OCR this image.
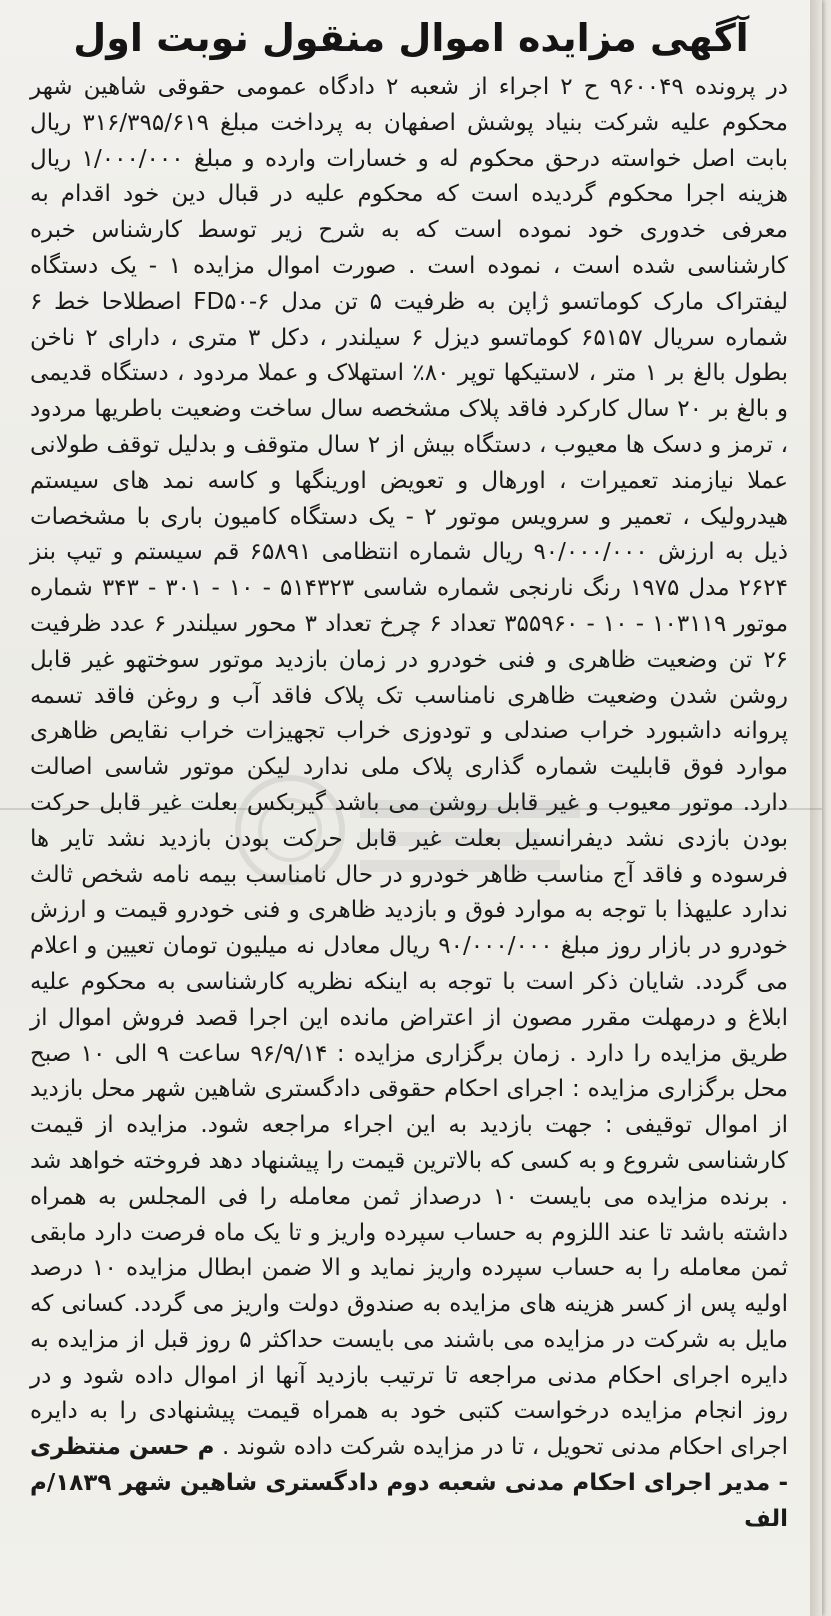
آگهی مزایده اموال منقول نوبت اول

در پرونده ۹۶۰۰۴۹ ح ۲ اجراء از شعبه ۲ دادگاه عمومی حقوقی شاهین شهر محکوم علیه شرکت بنیاد پوشش اصفهان به پرداخت مبلغ ۳۱۶/۳۹۵/۶۱۹ ریال بابت اصل خواسته درحق محکوم له و خسارات وارده و مبلغ ۱/۰۰۰/۰۰۰ ریال هزینه اجرا محکوم گردیده است که محکوم علیه در قبال دین خود اقدام به معرفی خدوری خود نموده است که به شرح زیر توسط کارشناس خبره کارشناسی شده است ، نموده است . صورت اموال مزایده ۱ - یک دستگاه لیفتراک مارک کوماتسو ژاپن به ظرفیت ۵ تن مدل FD۵۰-۶ اصطلاحا خط ۶ شماره سریال ۶۵۱۵۷ کوماتسو دیزل ۶ سیلندر ، دکل ۳ متری ، دارای ۲ ناخن بطول بالغ بر ۱ متر ، لاستیکها توپر ۸۰٪ استهلاک و عملا مردود ، دستگاه قدیمی و بالغ بر ۲۰ سال کارکرد فاقد پلاک مشخصه سال ساخت وضعیت باطریها مردود ، ترمز و دسک ها معیوب ، دستگاه بیش از ۲ سال متوقف و بدلیل توقف طولانی عملا نیازمند تعمیرات ، اورهال و تعویض اورینگها و کاسه نمد های سیستم هیدرولیک ، تعمیر و سرویس موتور ۲ - یک دستگاه کامیون باری با مشخصات ذیل به ارزش ۹۰/۰۰۰/۰۰۰ ریال شماره انتظامی ۶۵۸۹۱ قم سیستم و تیپ بنز ۲۶۲۴ مدل ۱۹۷۵ رنگ نارنجی شماره شاسی ۵۱۴۳۲۳ - ۱۰ - ۳۰۱ - ۳۴۳ شماره موتور ۱۰۳۱۱۹ - ۱۰ - ۳۵۵۹۶۰ تعداد ۶ چرخ تعداد ۳ محور سیلندر ۶ عدد ظرفیت ۲۶ تن وضعیت ظاهری و فنی خودرو در زمان بازدید موتور سوختهو غیر قابل روشن شدن وضعیت ظاهری نامناسب تک پلاک فاقد آب و روغن فاقد تسمه پروانه داشبورد خراب صندلی و تودوزی خراب تجهیزات خراب نقایص ظاهری موارد فوق قابلیت شماره گذاری پلاک ملی ندارد لیکن موتور شاسی اصالت دارد. موتور معیوب و غیر قابل روشن می باشد گیربکس بعلت غیر قابل حرکت بودن بازدی نشد دیفرانسیل بعلت غیر قابل حرکت بودن بازدید نشد تایر ها فرسوده و فاقد آج مناسب ظاهر خودرو در حال نامناسب بیمه نامه شخص ثالث ندارد علیهذا با توجه به موارد فوق و بازدید ظاهری و فنی خودرو قیمت و ارزش خودرو در بازار روز مبلغ ۹۰/۰۰۰/۰۰۰ ریال معادل نه میلیون تومان تعیین و اعلام می گردد. شایان ذکر است با توجه به اینکه نظریه کارشناسی به محکوم علیه ابلاغ و درمهلت مقرر مصون از اعتراض مانده این اجرا قصد فروش اموال از طریق مزایده را دارد . زمان برگزاری مزایده : ۹۶/۹/۱۴ ساعت ۹ الی ۱۰ صبح محل برگزاری مزایده : اجرای احکام حقوقی دادگستری شاهین شهر محل بازدید از اموال توقیفی : جهت بازدید به این اجراء مراجعه شود. مزایده از قیمت کارشناسی شروع و به کسی که بالاترین قیمت را پیشنهاد دهد فروخته خواهد شد . برنده مزایده می بایست ۱۰ درصداز ثمن معامله را فی المجلس به همراه داشته باشد تا عند اللزوم به حساب سپرده واریز و تا یک ماه فرصت دارد مابقی ثمن معامله را به حساب سپرده واریز نماید و الا ضمن ابطال مزایده ۱۰ درصد اولیه پس از کسر هزینه های مزایده به صندوق دولت واریز می گردد. کسانی که مایل به شرکت در مزایده می باشند می بایست حداکثر ۵ روز قبل از مزایده به دایره اجرای احکام مدنی مراجعه تا ترتیب بازدید آنها از اموال داده شود و در روز انجام مزایده درخواست کتبی خود به همراه قیمت پیشنهادی را به دایره اجرای احکام مدنی تحویل ، تا در مزایده شرکت داده شوند . م حسن منتظری - مدیر اجرای احکام مدنی شعبه دوم دادگستری شاهین شهر ۱۸۳۹/م الف
